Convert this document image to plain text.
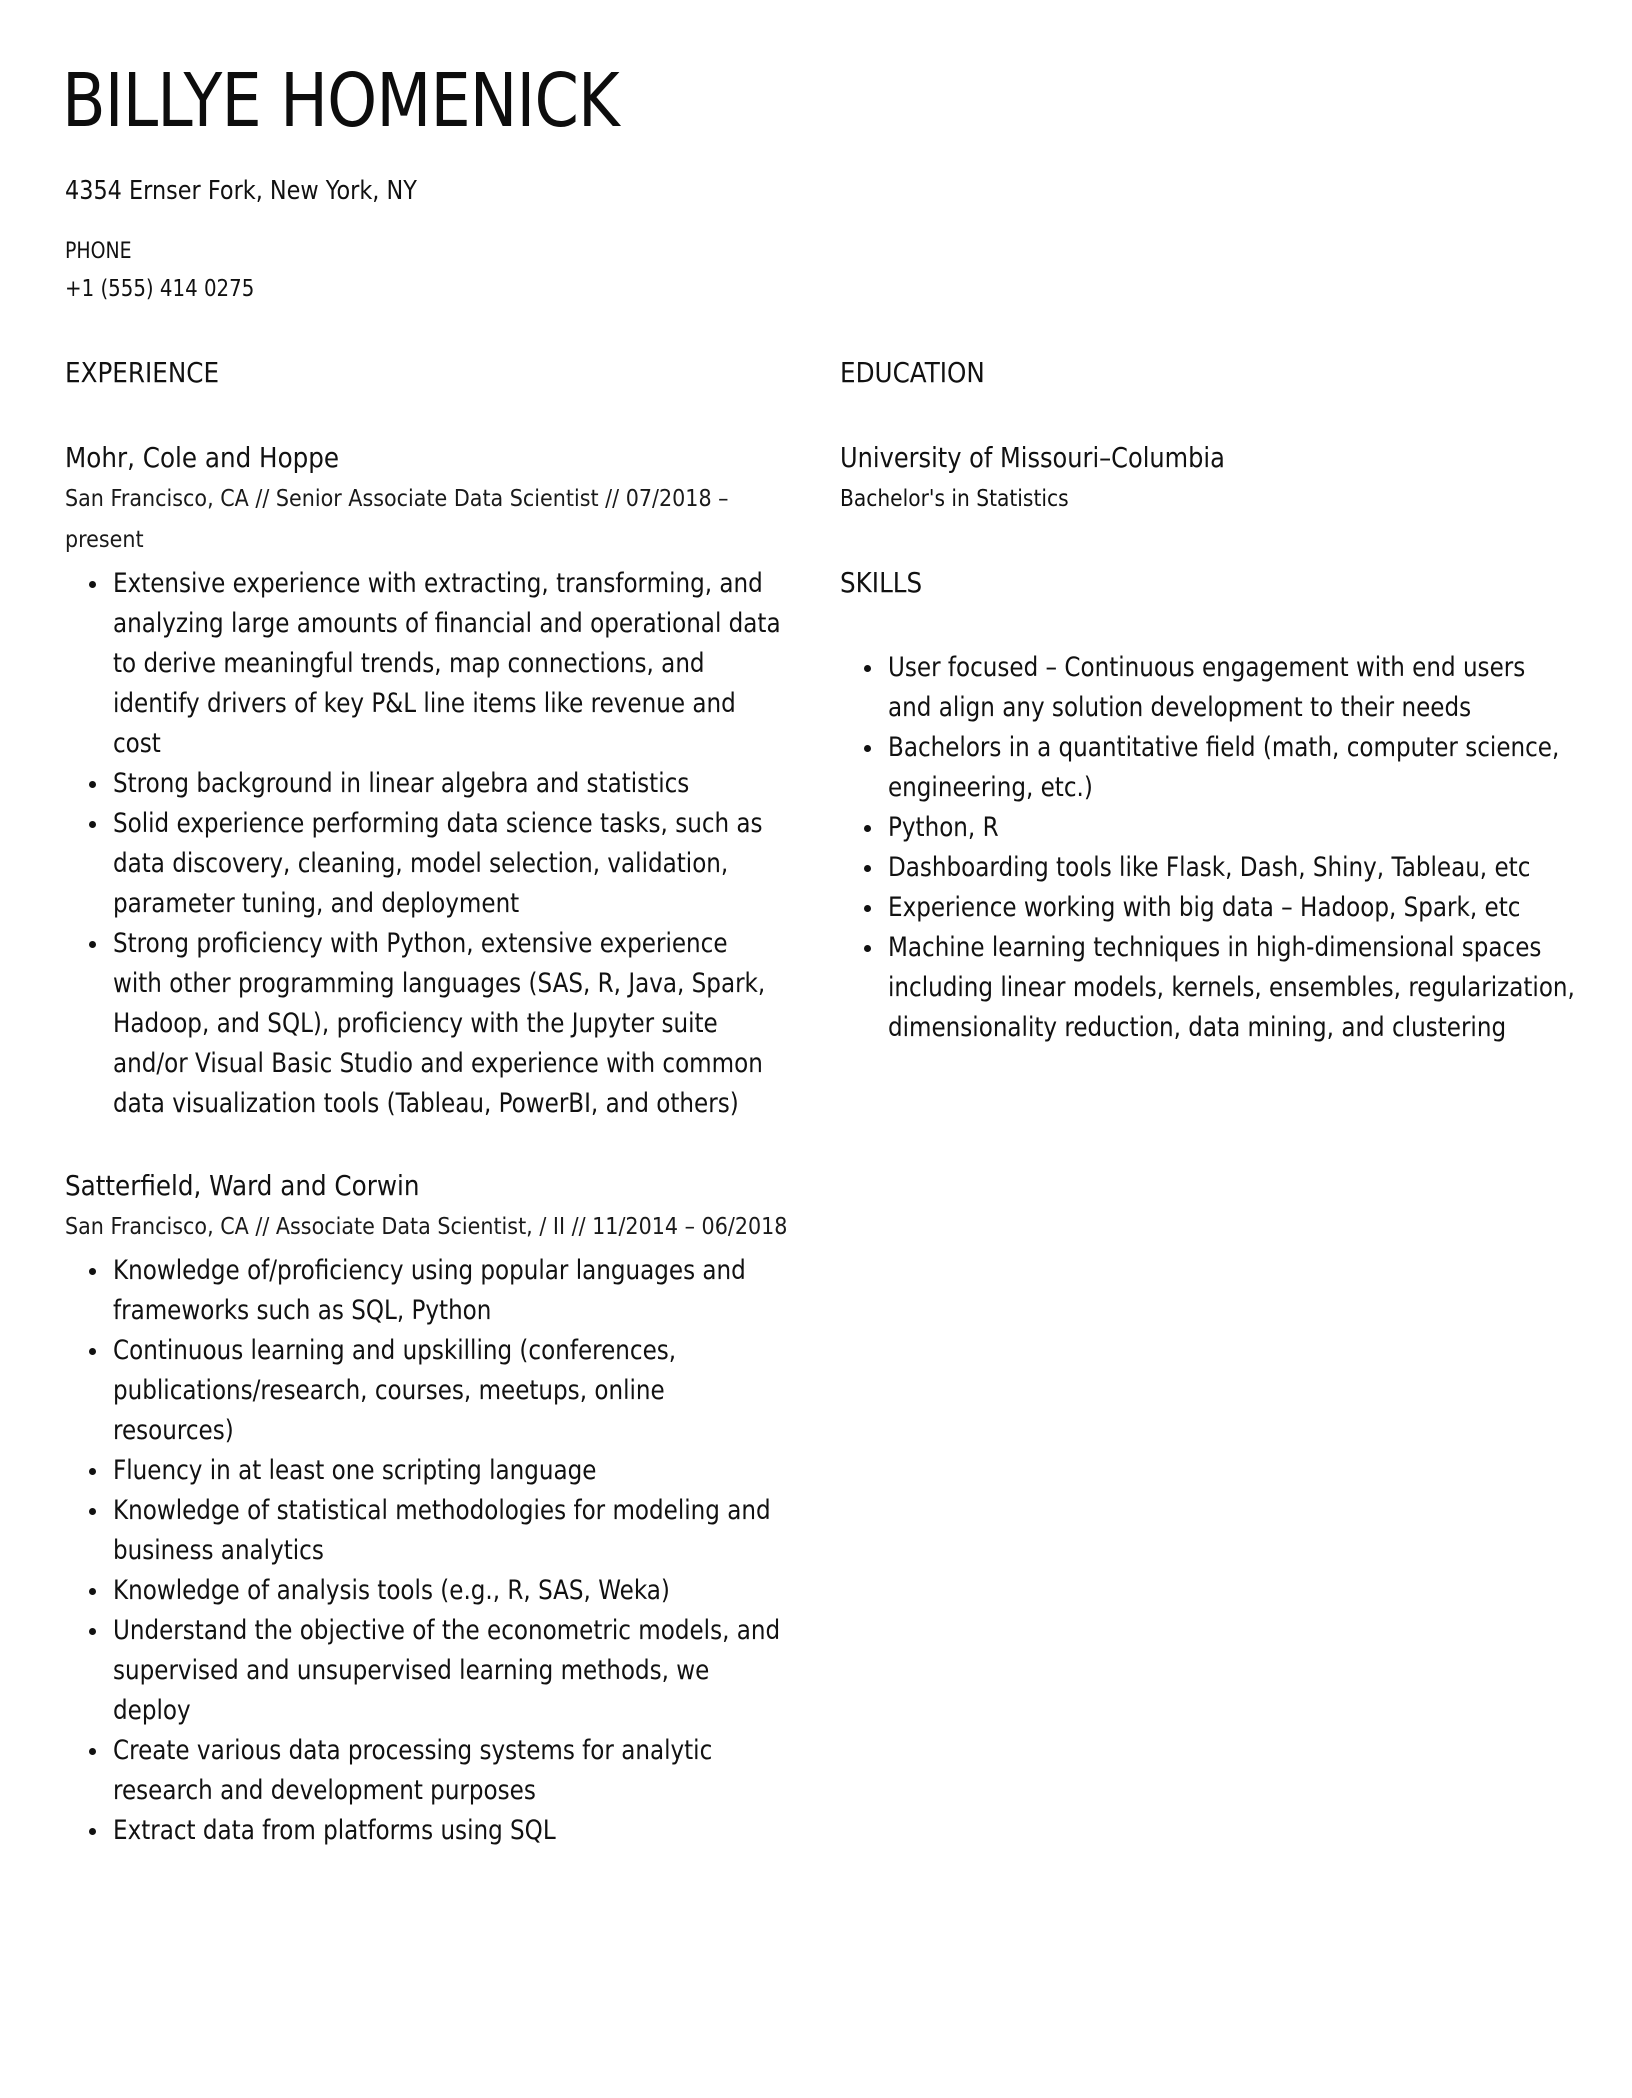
BILLYE HOMENICK
4354 Ernser Fork, New York, NY
PHONE
+1 (555) 414 0275
EXPERIENCE
Mohr, Cole and Hoppe

San Francisco, CA // Senior Associate Data Scientist // 07/2018 – present

Extensive experience with extracting, transforming, and analyzing large amounts of financial and operational data to derive meaningful trends, map connections, and identify drivers of key P&L line items like revenue and cost
Strong background in linear algebra and statistics
Solid experience performing data science tasks, such as data discovery, cleaning, model selection, validation, parameter tuning, and deployment
Strong proficiency with Python, extensive experience with other programming languages (SAS, R, Java, Spark, Hadoop, and SQL), proficiency with the Jupyter suite and/or Visual Basic Studio and experience with common data visualization tools (Tableau, PowerBI, and others)
Satterfield, Ward and Corwin

San Francisco, CA // Associate Data Scientist, / II // 11/2014 – 06/2018

Knowledge of/proficiency using popular languages and frameworks such as SQL, Python
Continuous learning and upskilling (conferences, publications/research, courses, meetups, online resources)
Fluency in at least one scripting language
Knowledge of statistical methodologies for modeling and business analytics
Knowledge of analysis tools (e.g., R, SAS, Weka)
Understand the objective of the econometric models, and supervised and unsupervised learning methods, we deploy
Create various data processing systems for analytic research and development purposes
Extract data from platforms using SQL
EDUCATION
University of Missouri–Columbia

Bachelor's in Statistics

SKILLS
User focused – Continuous engagement with end users and align any solution development to their needs
Bachelors in a quantitative field (math, computer science, engineering, etc.)
Python, R
Dashboarding tools like Flask, Dash, Shiny, Tableau, etc
Experience working with big data – Hadoop, Spark, etc
Machine learning techniques in high-dimensional spaces including linear models, kernels, ensembles, regularization, dimensionality reduction, data mining, and clustering
